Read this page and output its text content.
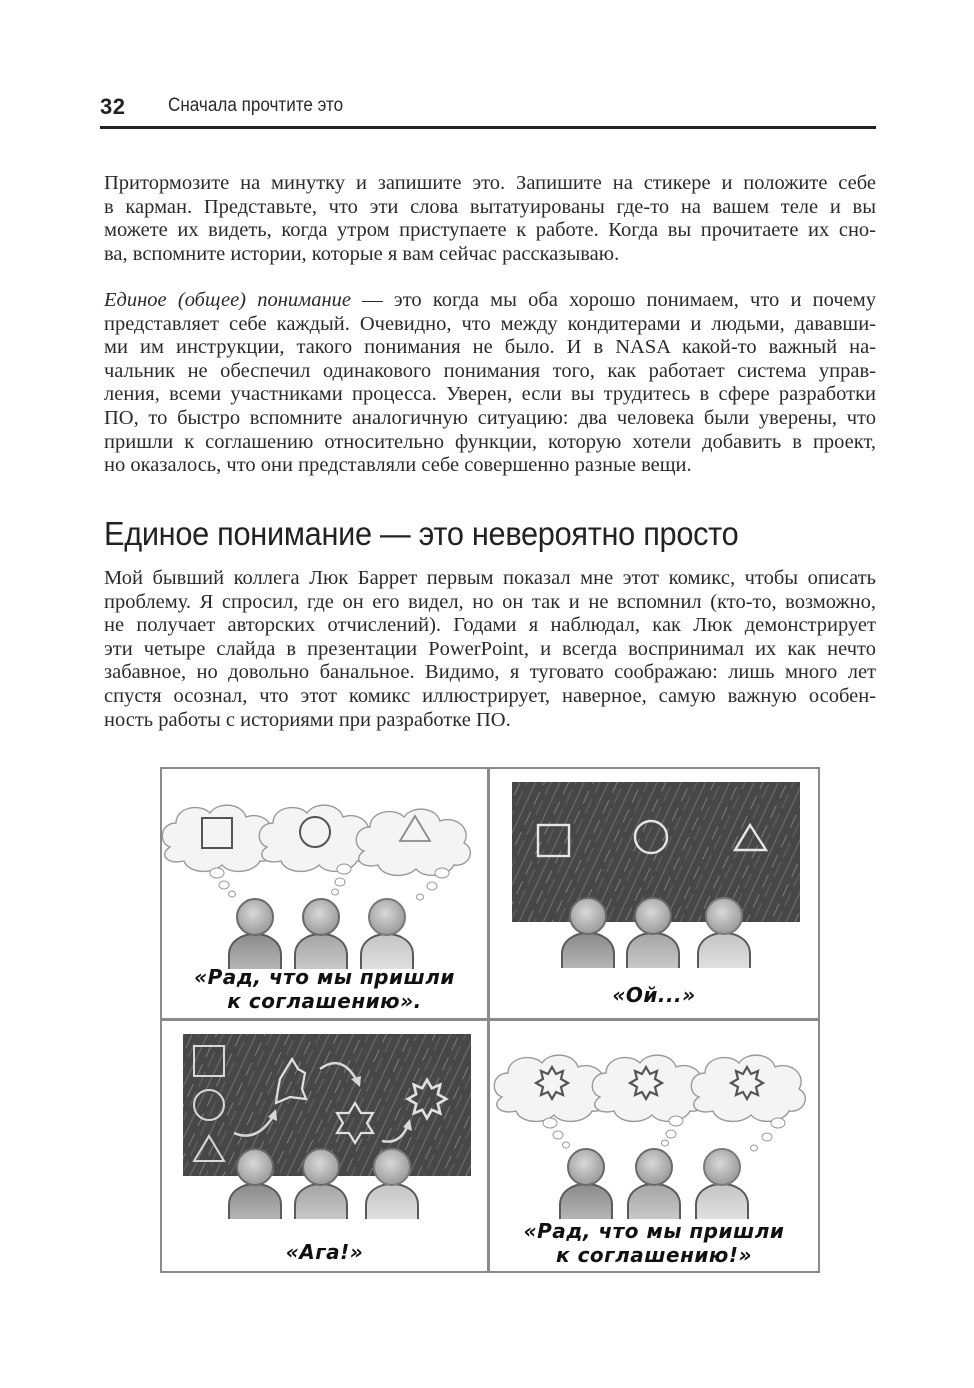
32 Сначала прочтите это
Притормозите на минутку и запишите это. Запишите на стикере и положите себе
в карман. Представьте, что эти слова вытатуированы где-то на вашем теле и вы
можете их видеть, когда утром приступаете к работе. Когда вы прочитаете их сно-
ва, вспомните истории, которые я вам сейчас рассказываю.
Единое (общее) понимание — это когда мы оба хорошо понимаем, что и почему
представляет себе каждый. Очевидно, что между кондитерами и людьми, дававши-
ми им инструкции, такого понимания не было. И в NASA какой-то важный на-
чальник не обеспечил одинакового понимания того, как работает система управ-
ления, всеми участниками процесса. Уверен, если вы трудитесь в сфере разработки
ПО, то быстро вспомните аналогичную ситуацию: два человека были уверены, что
пришли к соглашению относительно функции, которую хотели добавить в проект,
но оказалось, что они представляли себе совершенно разные вещи.
Единое понимание — это невероятно просто
Мой бывший коллега Люк Баррет первым показал мне этот комикс, чтобы описать
проблему. Я спросил, где он его видел, но он так и не вспомнил (кто-то, возможно,
не получает авторских отчислений). Годами я наблюдал, как Люк демонстрирует
эти четыре слайда в презентации PowerPoint, и всегда воспринимал их как нечто
забавное, но довольно банальное. Видимо, я туговато соображаю: лишь много лет
спустя осознал, что этот комикс иллюстрирует, наверное, самую важную особен-
ность работы с историями при разработке ПО.
«Рад, что мы пришли
к соглашению».	«Ой...»
«Ага!»
«Рад, что мы пришли
к соглашению!»
